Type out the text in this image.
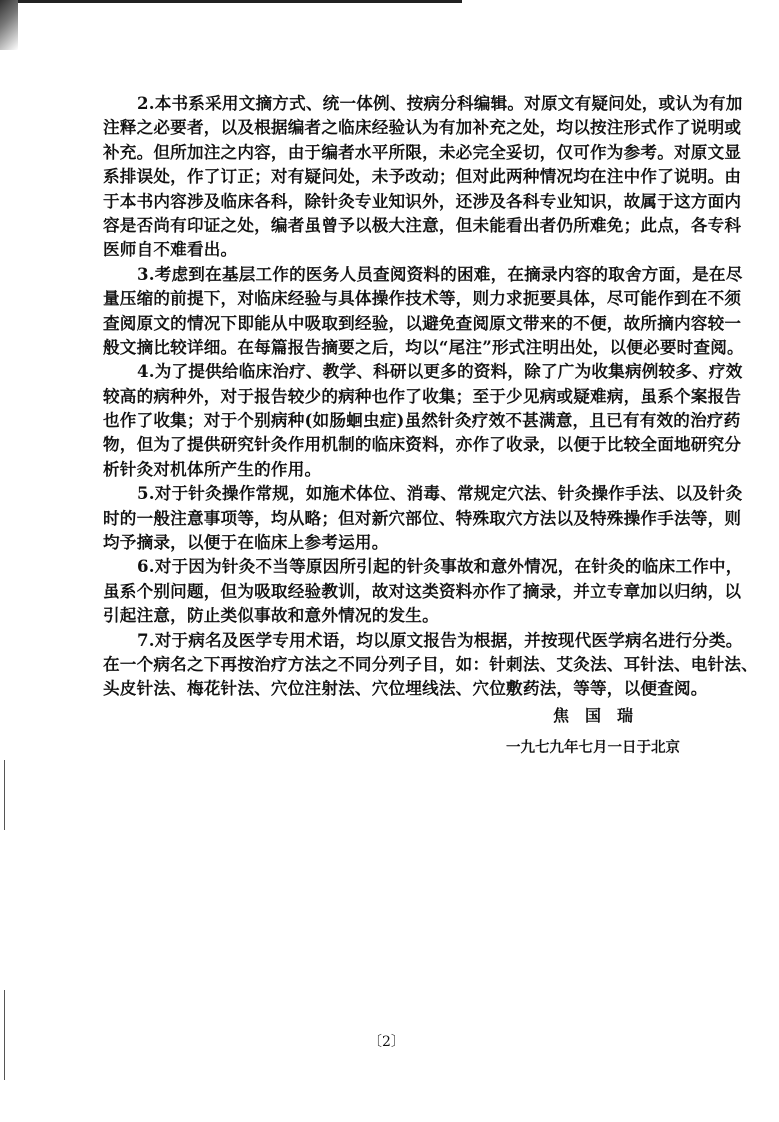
2.本书系采用文摘方式、统一体例、按病分科编辑。对原文有疑问处，或认为有加
注释之必要者，以及根据编者之临床经验认为有加补充之处，均以按注形式作了说明或
补充。但所加注之内容，由于编者水平所限，未必完全妥切，仅可作为参考。对原文显
系排误处，作了订正；对有疑问处，未予改动；但对此两种情况均在注中作了说明。由
于本书内容涉及临床各科，除针灸专业知识外，还涉及各科专业知识，故属于这方面内
容是否尚有印证之处，编者虽曾予以极大注意，但未能看出者仍所难免；此点，各专科
医师自不难看出。
3.考虑到在基层工作的医务人员查阅资料的困难，在摘录内容的取舍方面，是在尽
量压缩的前提下，对临床经验与具体操作技术等，则力求扼要具体，尽可能作到在不须
查阅原文的情况下即能从中吸取到经验，以避免查阅原文带来的不便，故所摘内容较一
般文摘比较详细。在每篇报告摘要之后，均以“尾注”形式注明出处，以便必要时查阅。
4.为了提供给临床治疗、教学、科研以更多的资料，除了广为收集病例较多、疗效
较高的病种外，对于报告较少的病种也作了收集；至于少见病或疑难病，虽系个案报告
也作了收集；对于个别病种(如肠蛔虫症)虽然针灸疗效不甚满意，且已有有效的治疗药
物，但为了提供研究针灸作用机制的临床资料，亦作了收录，以便于比较全面地研究分
析针灸对机体所产生的作用。
5.对于针灸操作常规，如施术体位、消毒、常规定穴法、针灸操作手法、以及针灸
时的一般注意事项等，均从略；但对新穴部位、特殊取穴方法以及特殊操作手法等，则
均予摘录，以便于在临床上参考运用。
6.对于因为针灸不当等原因所引起的针灸事故和意外情况，在针灸的临床工作中，
虽系个别问题，但为吸取经验教训，故对这类资料亦作了摘录，并立专章加以归纳，以
引起注意，防止类似事故和意外情况的发生。
7.对于病名及医学专用术语，均以原文报告为根据，并按现代医学病名进行分类。
在一个病名之下再按治疗方法之不同分列子目，如：针刺法、艾灸法、耳针法、电针法、
头皮针法、梅花针法、穴位注射法、穴位埋线法、穴位敷药法，等等，以便查阅。
焦国瑞
一九七九年七月一日于北京
〔2〕
